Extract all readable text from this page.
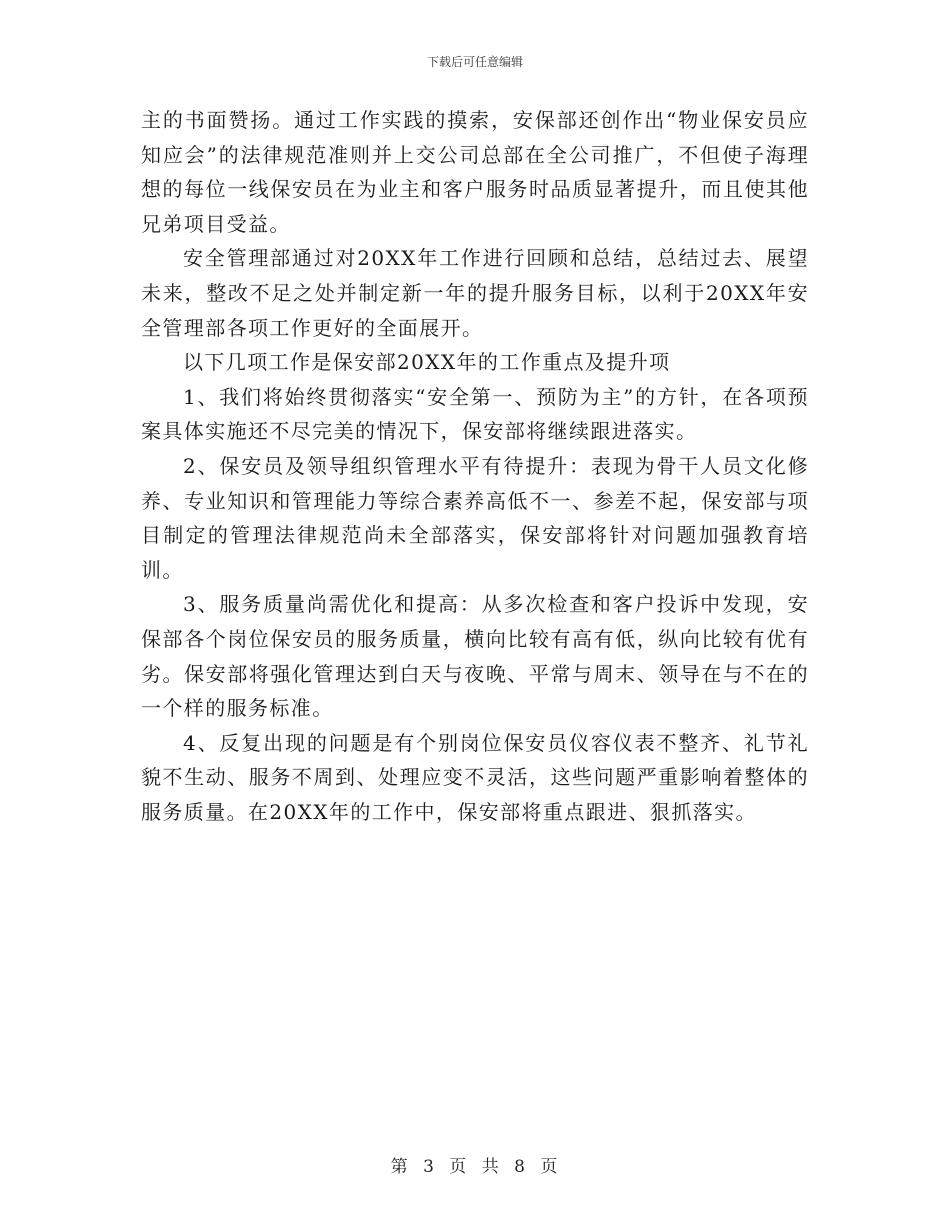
下载后可任意编辑

主的书面赞扬。通过工作实践的摸索，安保部还创作出“物业保安员应知应会”的法律规范准则并上交公司总部在全公司推广，不但使子海理想的每位一线保安员在为业主和客户服务时品质显著提升，而且使其他兄弟项目受益。

安全管理部通过对20XX年工作进行回顾和总结，总结过去、展望未来，整改不足之处并制定新一年的提升服务目标，以利于20XX年安全管理部各项工作更好的全面展开。

以下几项工作是保安部20XX年的工作重点及提升项

1、我们将始终贯彻落实“安全第一、预防为主”的方针，在各项预案具体实施还不尽完美的情况下，保安部将继续跟进落实。

2、保安员及领导组织管理水平有待提升：表现为骨干人员文化修养、专业知识和管理能力等综合素养高低不一、参差不起，保安部与项目制定的管理法律规范尚未全部落实，保安部将针对问题加强教育培训。

3、服务质量尚需优化和提高：从多次检查和客户投诉中发现，安保部各个岗位保安员的服务质量，横向比较有高有低，纵向比较有优有劣。保安部将强化管理达到白天与夜晚、平常与周末、领导在与不在的一个样的服务标准。

4、反复出现的问题是有个别岗位保安员仪容仪表不整齐、礼节礼貌不生动、服务不周到、处理应变不灵活，这些问题严重影响着整体的服务质量。在20XX年的工作中，保安部将重点跟进、狠抓落实。

第 3 页 共 8 页
